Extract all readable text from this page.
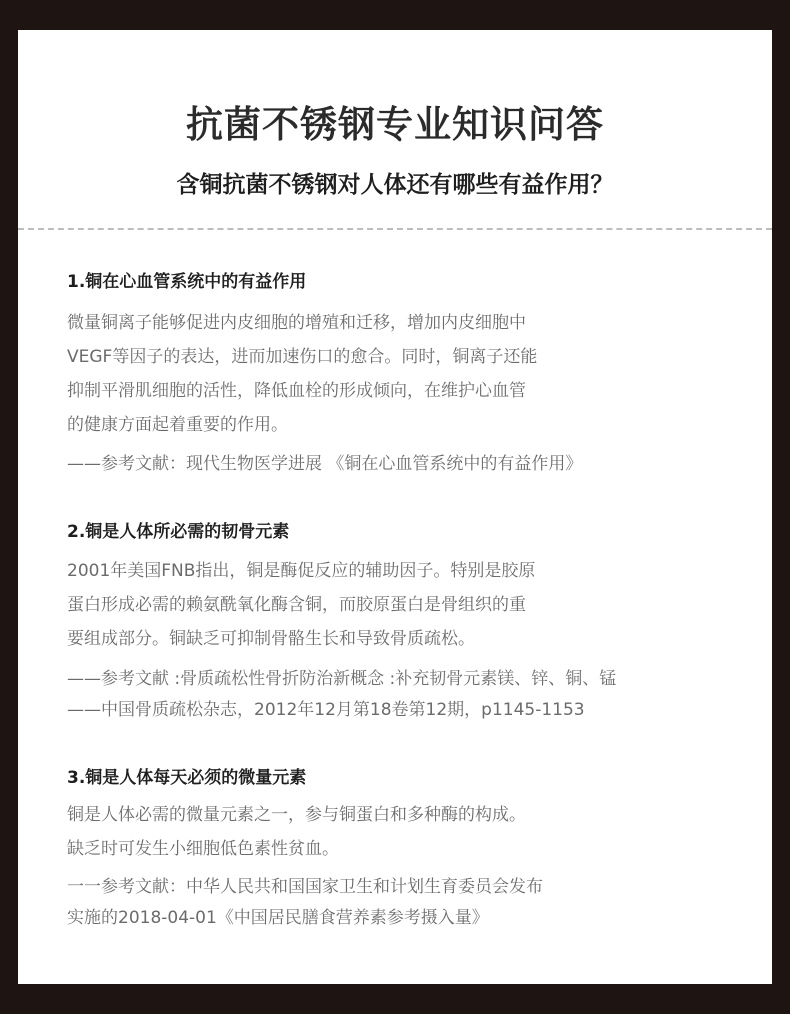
抗菌不锈钢专业知识问答
含铜抗菌不锈钢对人体还有哪些有益作用？
1.铜在心血管系统中的有益作用

微量铜离子能够促进内皮细胞的增殖和迁移，增加内皮细胞中
VEGF等因子的表达，进而加速伤口的愈合。同时，铜离子还能
抑制平滑肌细胞的活性，降低血栓的形成倾向，在维护心血管
的健康方面起着重要的作用。

——参考文献：现代生物医学进展 《铜在心血管系统中的有益作用》

2.铜是人体所必需的韧骨元素

2001年美国FNB指出，铜是酶促反应的辅助因子。特别是胶原
蛋白形成必需的赖氨酰氧化酶含铜，而胶原蛋白是骨组织的重
要组成部分。铜缺乏可抑制骨骼生长和导致骨质疏松。

——参考文献 :骨质疏松性骨折防治新概念 :补充韧骨元素镁、锌、铜、锰
——中国骨质疏松杂志，2012年12月第18卷第12期，p1145-1153

3.铜是人体每天必须的微量元素

铜是人体必需的微量元素之一，参与铜蛋白和多种酶的构成。
缺乏时可发生小细胞低色素性贫血。

一一参考文献：中华人民共和国国家卫生和计划生育委员会发布
实施的2018-04-01《中国居民膳食营养素参考摄入量》
